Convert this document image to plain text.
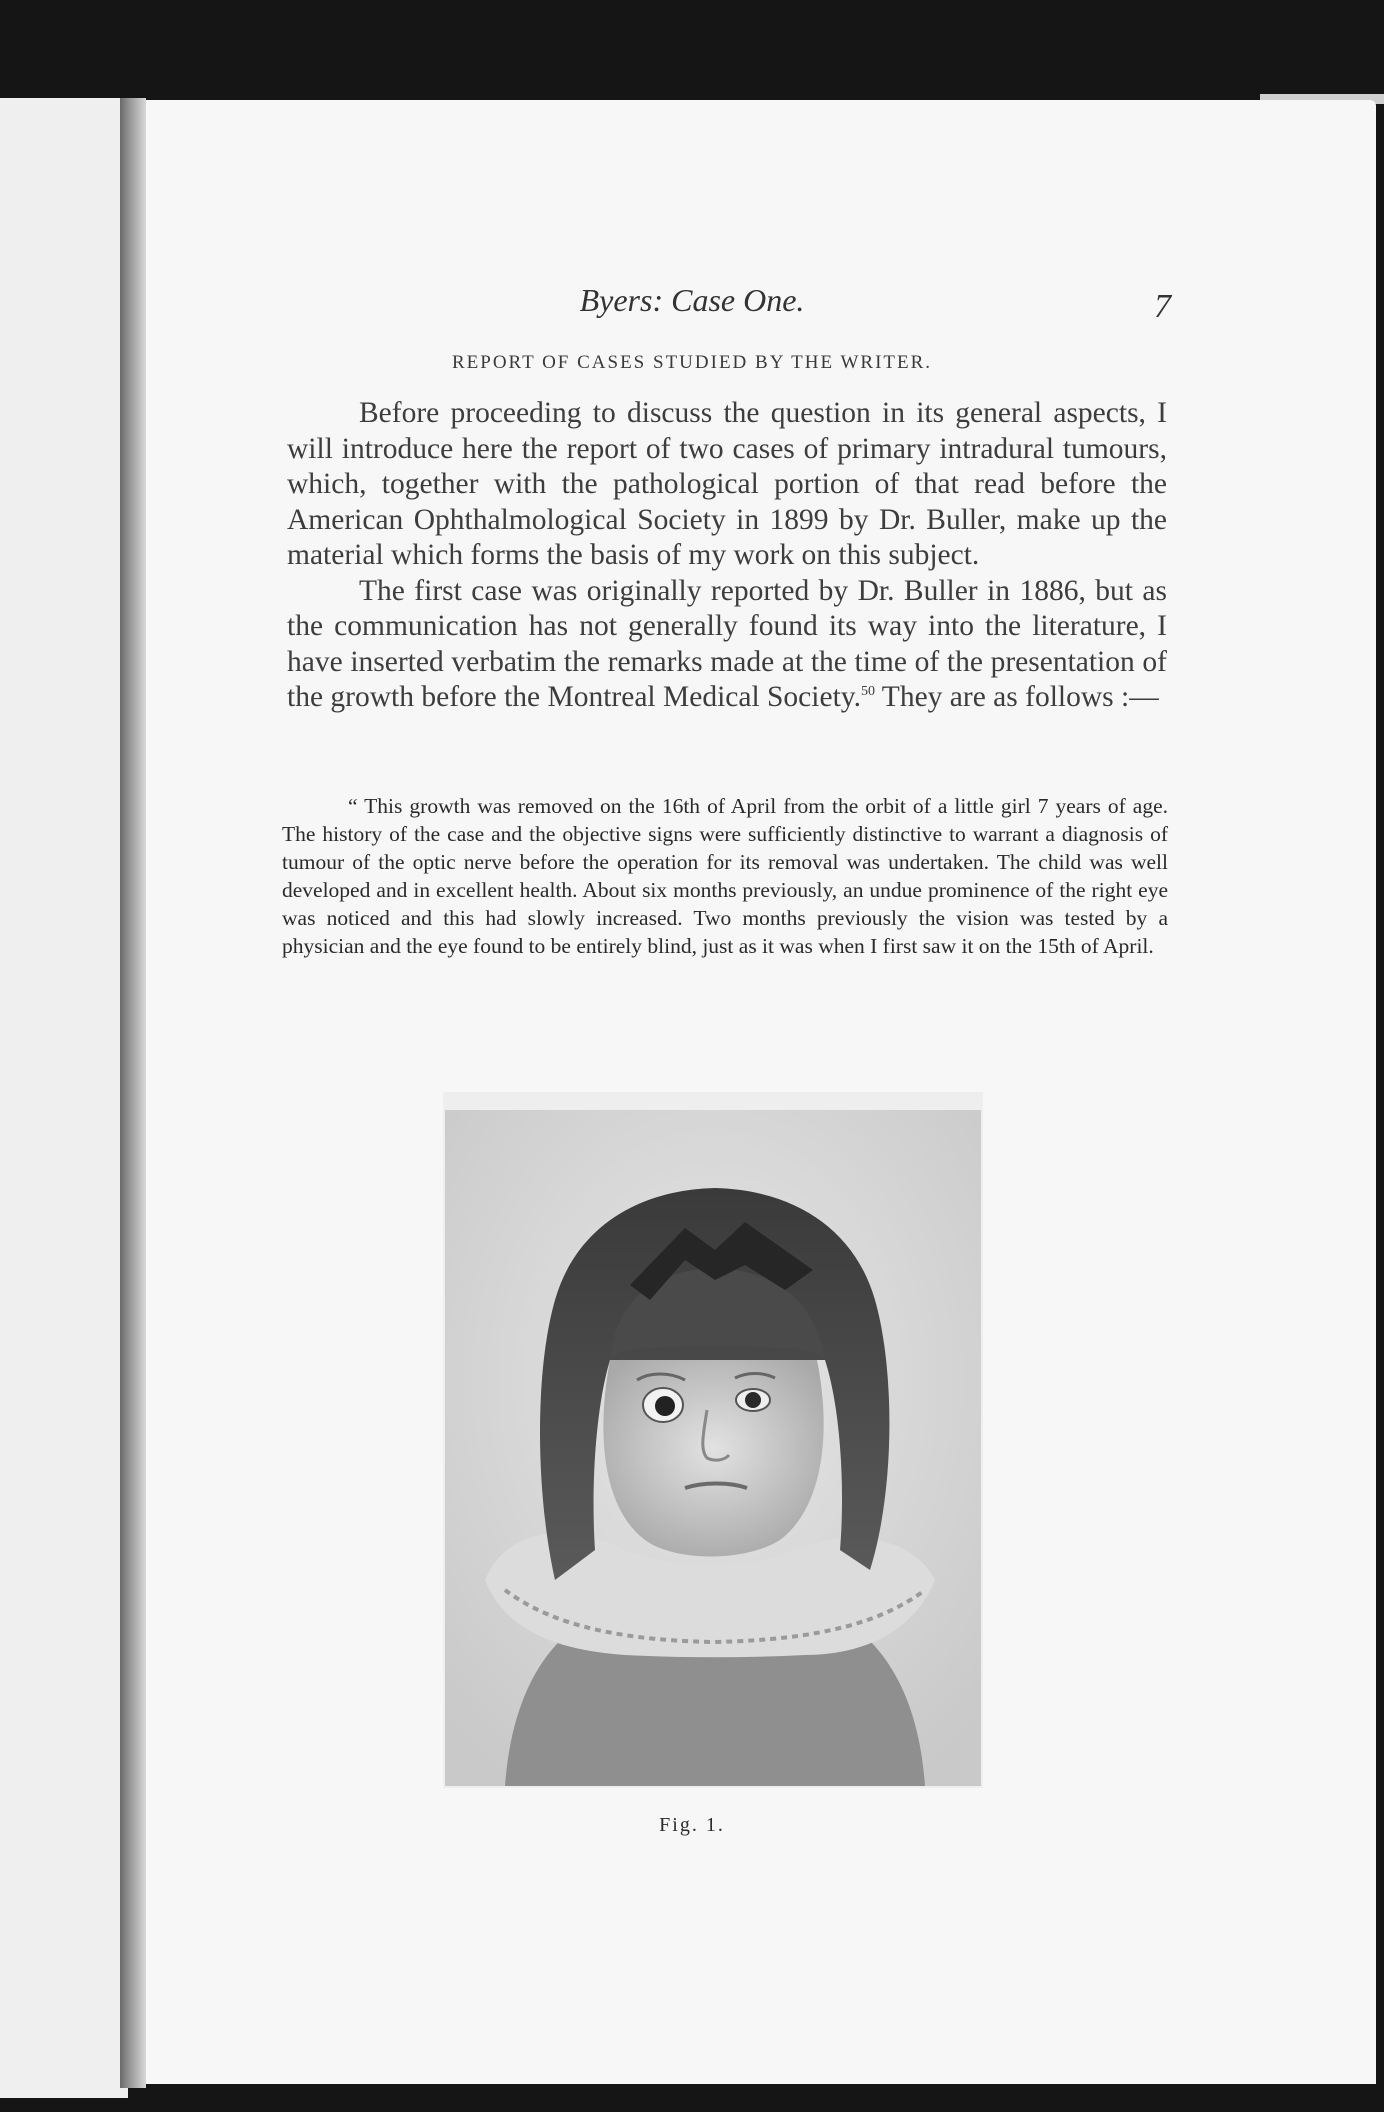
Byers: Case One.	7
REPORT OF CASES STUDIED BY THE WRITER.

Before proceeding to discuss the question in its general aspects, I will introduce here the report of two cases of primary intradural tumours, which, together with the pathological portion of that read before the American Ophthalmological Society in 1899 by Dr. Buller, make up the material which forms the basis of my work on this subject.

The first case was originally reported by Dr. Buller in 1886, but as the communication has not generally found its way into the literature, I have inserted verbatim the remarks made at the time of the presentation of the growth before the Montreal Medical Society.$^{50}$ They are as follows :—

“ This growth was removed on the 16th of April from the orbit of a little girl 7 years of age. The history of the case and the objective signs were sufficiently distinctive to warrant a diagnosis of tumour of the optic nerve before the operation for its removal was undertaken. The child was well developed and in excellent health. About six months previously, an undue prominence of the right eye was noticed and this had slowly increased. Two months previously the vision was tested by a physician and the eye found to be entirely blind, just as it was when I first saw it on the 15th of April.

Fig. 1.
